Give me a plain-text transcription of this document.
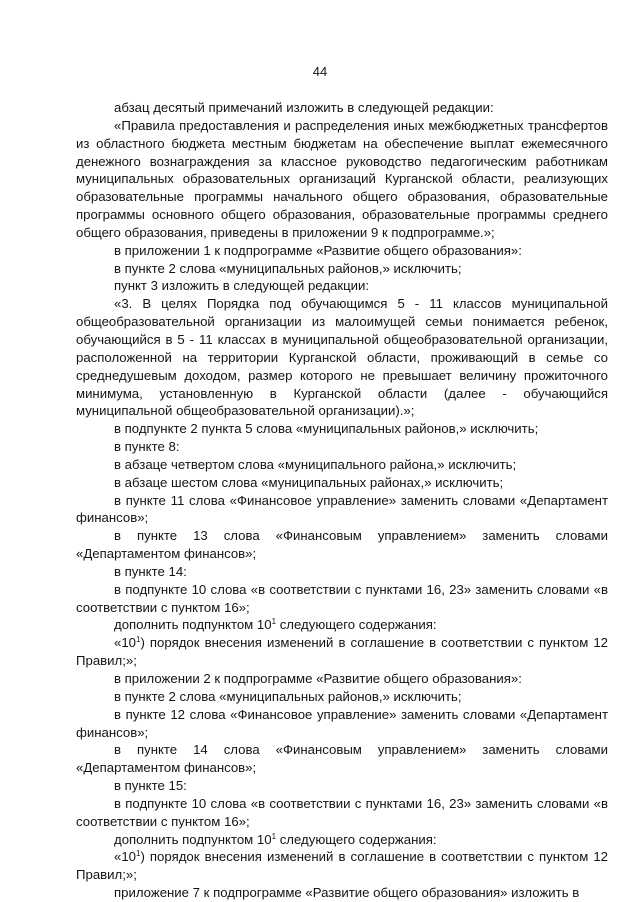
44

абзац десятый примечаний изложить в следующей редакции:

«Правила предоставления и распределения иных межбюджетных трансфертов из областного бюджета местным бюджетам на обеспечение выплат ежемесячного денежного вознаграждения за классное руководство педагогическим работникам муниципальных образовательных организаций Курганской области, реализующих образовательные программы начального общего образования, образовательные программы основного общего образования, образовательные программы среднего общего образования, приведены в приложении 9 к подпрограмме.»;

в приложении 1 к подпрограмме «Развитие общего образования»:

в пункте 2 слова «муниципальных районов,» исключить;

пункт 3 изложить в следующей редакции:

«3. В целях Порядка под обучающимся 5 - 11 классов муниципальной общеобразовательной организации из малоимущей семьи понимается ребенок, обучающийся в 5 - 11 классах в муниципальной общеобразовательной организации, расположенной на территории Курганской области, проживающий в семье со среднедушевым доходом, размер которого не превышает величину прожиточного минимума, установленную в Курганской области (далее - обучающийся муниципальной общеобразовательной организации).»;

в подпункте 2 пункта 5 слова «муниципальных районов,» исключить;

в пункте 8:

в абзаце четвертом слова «муниципального района,» исключить;

в абзаце шестом слова «муниципальных районах,» исключить;

в пункте 11 слова «Финансовое управление» заменить словами «Департамент финансов»;

в пункте 13 слова «Финансовым управлением» заменить словами «Департаментом финансов»;

в пункте 14:

в подпункте 10 слова «в соответствии с пунктами 16, 23» заменить словами «в соответствии с пунктом 16»;

дополнить подпунктом $10^1$ следующего содержания:

«$10^1$) порядок внесения изменений в соглашение в соответствии с пунктом 12 Правил;»;

в приложении 2 к подпрограмме «Развитие общего образования»:

в пункте 2 слова «муниципальных районов,» исключить;

в пункте 12 слова «Финансовое управление» заменить словами «Департамент финансов»;

в пункте 14 слова «Финансовым управлением» заменить словами «Департаментом финансов»;

в пункте 15:

в подпункте 10 слова «в соответствии с пунктами 16, 23» заменить словами «в соответствии с пунктом 16»;

дополнить подпунктом $10^1$ следующего содержания:

«$10^1$) порядок внесения изменений в соглашение в соответствии с пунктом 12 Правил;»;

приложение 7 к подпрограмме «Развитие общего образования» изложить в
